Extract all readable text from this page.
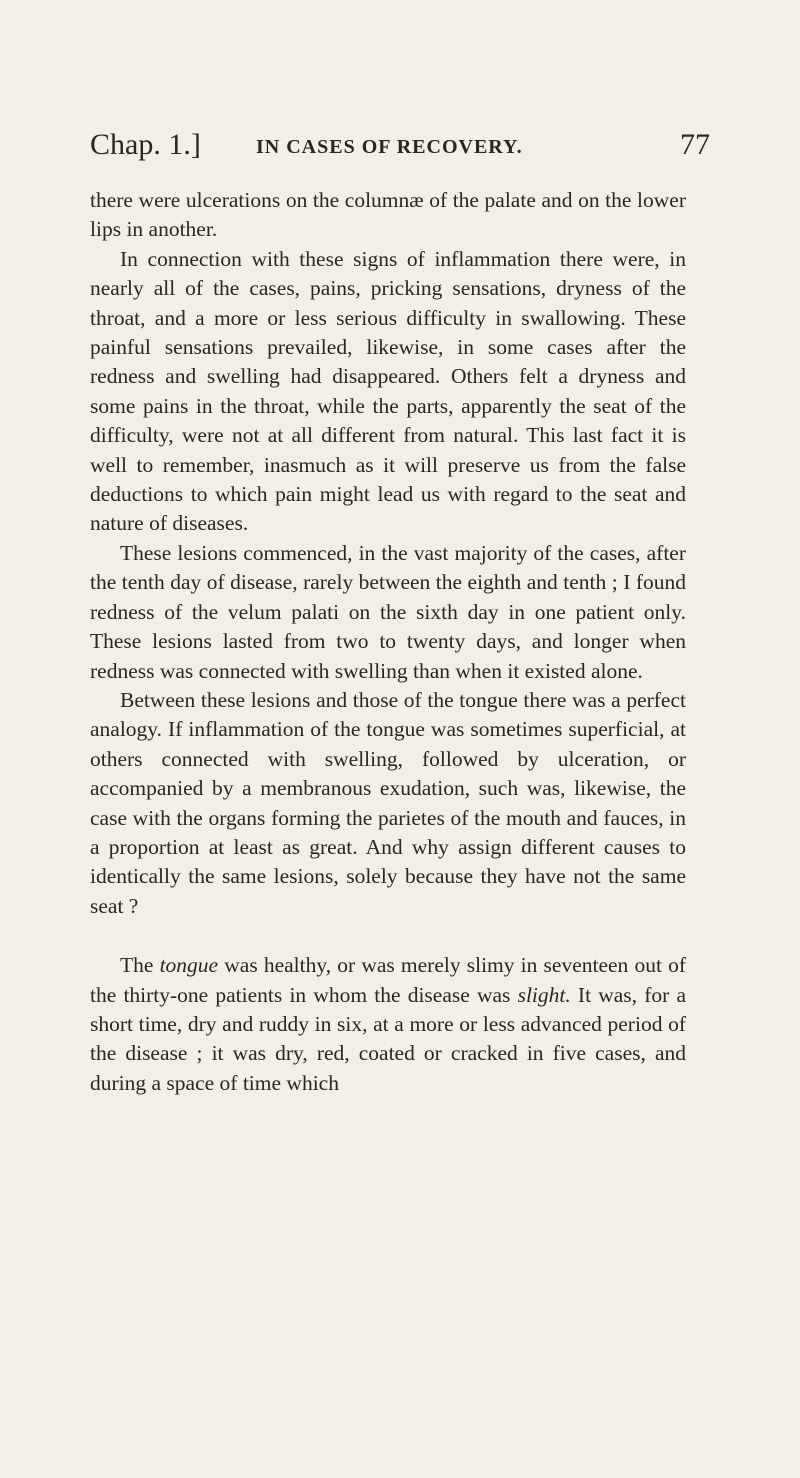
Chap. 1.]	IN CASES OF RECOVERY.	77

there were ulcerations on the columnæ of the palate and on the lower lips in another.

In connection with these signs of inflammation there were, in nearly all of the cases, pains, pricking sensations, dryness of the throat, and a more or less serious difficulty in swallowing. These painful sensations prevailed, likewise, in some cases after the redness and swelling had disappeared. Others felt a dryness and some pains in the throat, while the parts, apparently the seat of the difficulty, were not at all different from natural. This last fact it is well to remember, inasmuch as it will preserve us from the false deductions to which pain might lead us with regard to the seat and nature of diseases.

These lesions commenced, in the vast majority of the cases, after the tenth day of disease, rarely between the eighth and tenth ; I found redness of the velum palati on the sixth day in one patient only. These lesions lasted from two to twenty days, and longer when redness was connected with swelling than when it existed alone.

Between these lesions and those of the tongue there was a perfect analogy. If inflammation of the tongue was sometimes superficial, at others connected with swelling, followed by ulceration, or accompanied by a membranous exudation, such was, likewise, the case with the organs forming the parietes of the mouth and fauces, in a proportion at least as great. And why assign different causes to identically the same lesions, solely because they have not the same seat ?

The tongue was healthy, or was merely slimy in seventeen out of the thirty-one patients in whom the disease was slight. It was, for a short time, dry and ruddy in six, at a more or less advanced period of the disease ; it was dry, red, coated or cracked in five cases, and during a space of time which
